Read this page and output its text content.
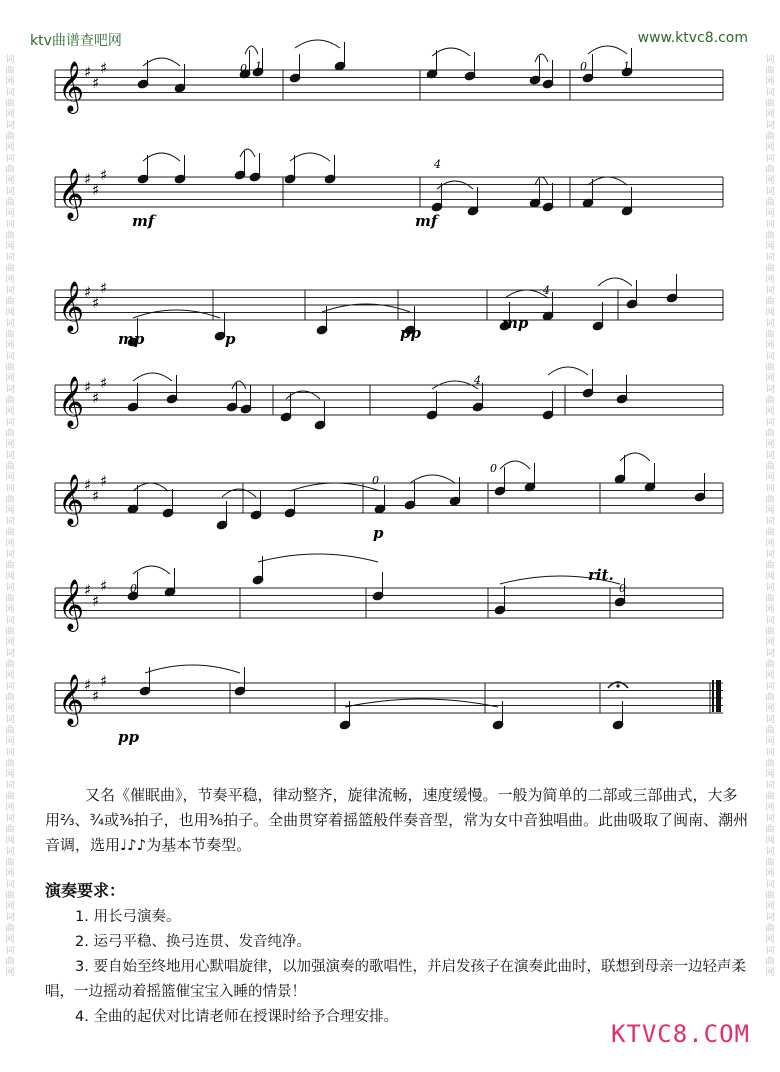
ktv曲谱查吧网	www.ktvc8.com
词曲网词曲网词曲网词曲网词曲网词曲网词曲网词曲网词曲网词曲网词曲网词曲网词曲网词曲网词曲网词曲网词曲网词曲网词曲网词曲网词曲网词曲网词曲网词曲网词曲网词曲网词曲网词曲网
词曲网词曲网词曲网词曲网词曲网词曲网词曲网词曲网词曲网词曲网词曲网词曲网词曲网词曲网词曲网词曲网词曲网词曲网词曲网词曲网词曲网词曲网词曲网词曲网词曲网词曲网词曲网词曲网
𝄞 ♯
♯
♯
𝄞 ♯
♯
♯
𝄞 ♯
♯
♯
𝄞 ♯
♯
♯
𝄞 ♯
♯
♯
𝄞 ♯
♯
♯
𝄞 ♯
♯
♯
mf	mf
mp	p	pp
mp
p
rit.
pp
0 1	0	1
4
4
4
0
0
0	0

又名《催眠曲》，节奏平稳，律动整齐，旋律流畅，速度缓慢。一般为简单的二部或三部曲式，大多用⅔、¾或⅜拍子，也用⅜拍子。全曲贯穿着摇篮般伴奏音型，常为女中音独唱曲。此曲吸取了闽南、潮州音调，选用♩♪♪为基本节奏型。

演奏要求：
1. 用长弓演奏。
2. 运弓平稳、换弓连贯、发音纯净。
3. 要自始至终地用心默唱旋律，以加强演奏的歌唱性，并启发孩子在演奏此曲时，联想到母亲一边轻声柔唱，一边摇动着摇篮催宝宝入睡的情景！
4. 全曲的起伏对比请老师在授课时给予合理安排。
KTVC8.COM
